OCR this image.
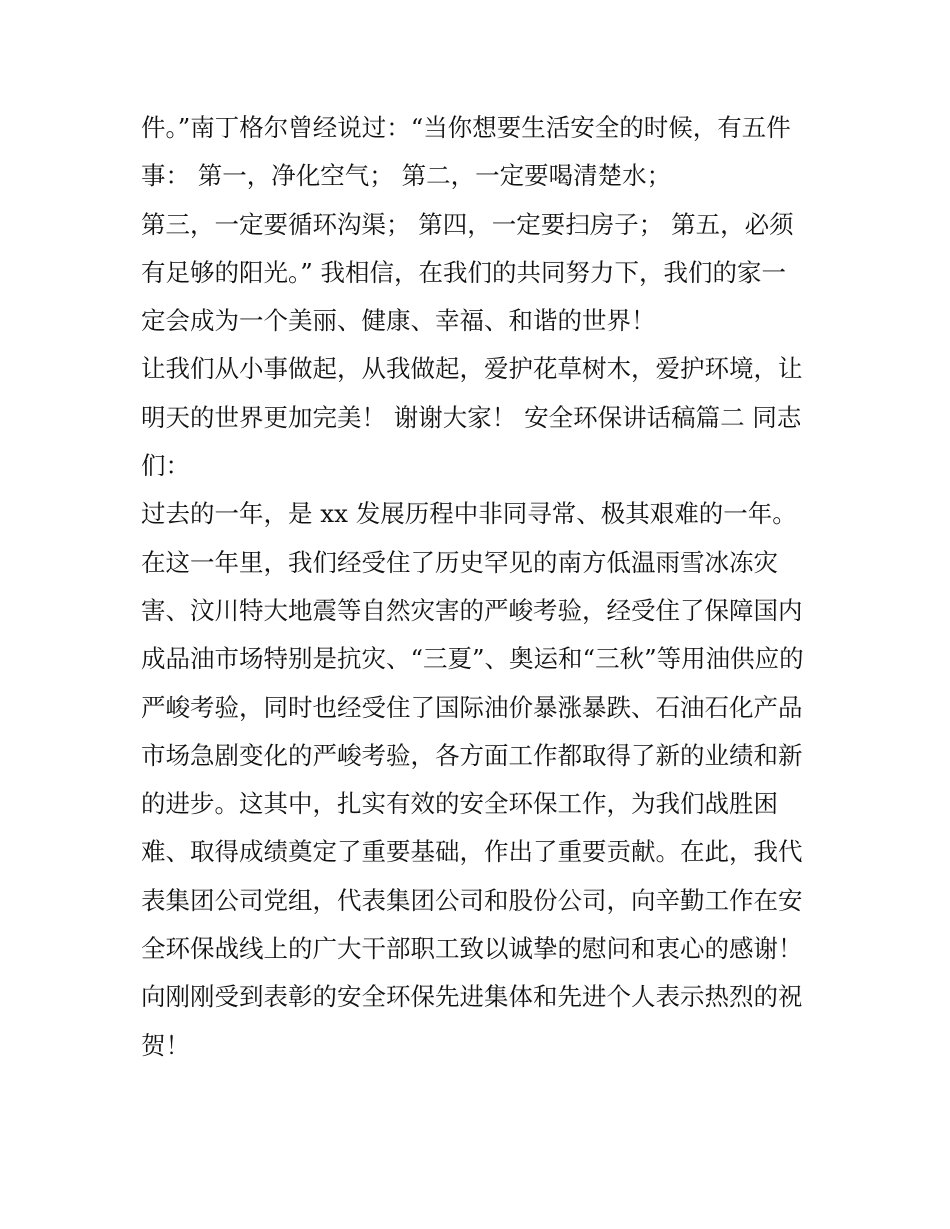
件。”南丁格尔曾经说过：“当你想要生活安全的时候，有五件
事： 第一，净化空气； 第二，一定要喝清楚水；
第三，一定要循环沟渠； 第四，一定要扫房子； 第五，必须
有足够的阳光。” 我相信，在我们的共同努力下，我们的家一
定会成为一个美丽、健康、幸福、和谐的世界！
让我们从小事做起，从我做起，爱护花草树木，爱护环境，让
明天的世界更加完美！ 谢谢大家！ 安全环保讲话稿篇二 同志
们：
过去的一年，是 xx 发展历程中非同寻常、极其艰难的一年。
在这一年里，我们经受住了历史罕见的南方低温雨雪冰冻灾
害、汶川特大地震等自然灾害的严峻考验，经受住了保障国内
成品油市场特别是抗灾、“三夏”、奥运和“三秋”等用油供应的
严峻考验，同时也经受住了国际油价暴涨暴跌、石油石化产品
市场急剧变化的严峻考验，各方面工作都取得了新的业绩和新
的进步。这其中，扎实有效的安全环保工作，为我们战胜困
难、取得成绩奠定了重要基础，作出了重要贡献。在此，我代
表集团公司党组，代表集团公司和股份公司，向辛勤工作在安
全环保战线上的广大干部职工致以诚挚的慰问和衷心的感谢！
向刚刚受到表彰的安全环保先进集体和先进个人表示热烈的祝
贺！
